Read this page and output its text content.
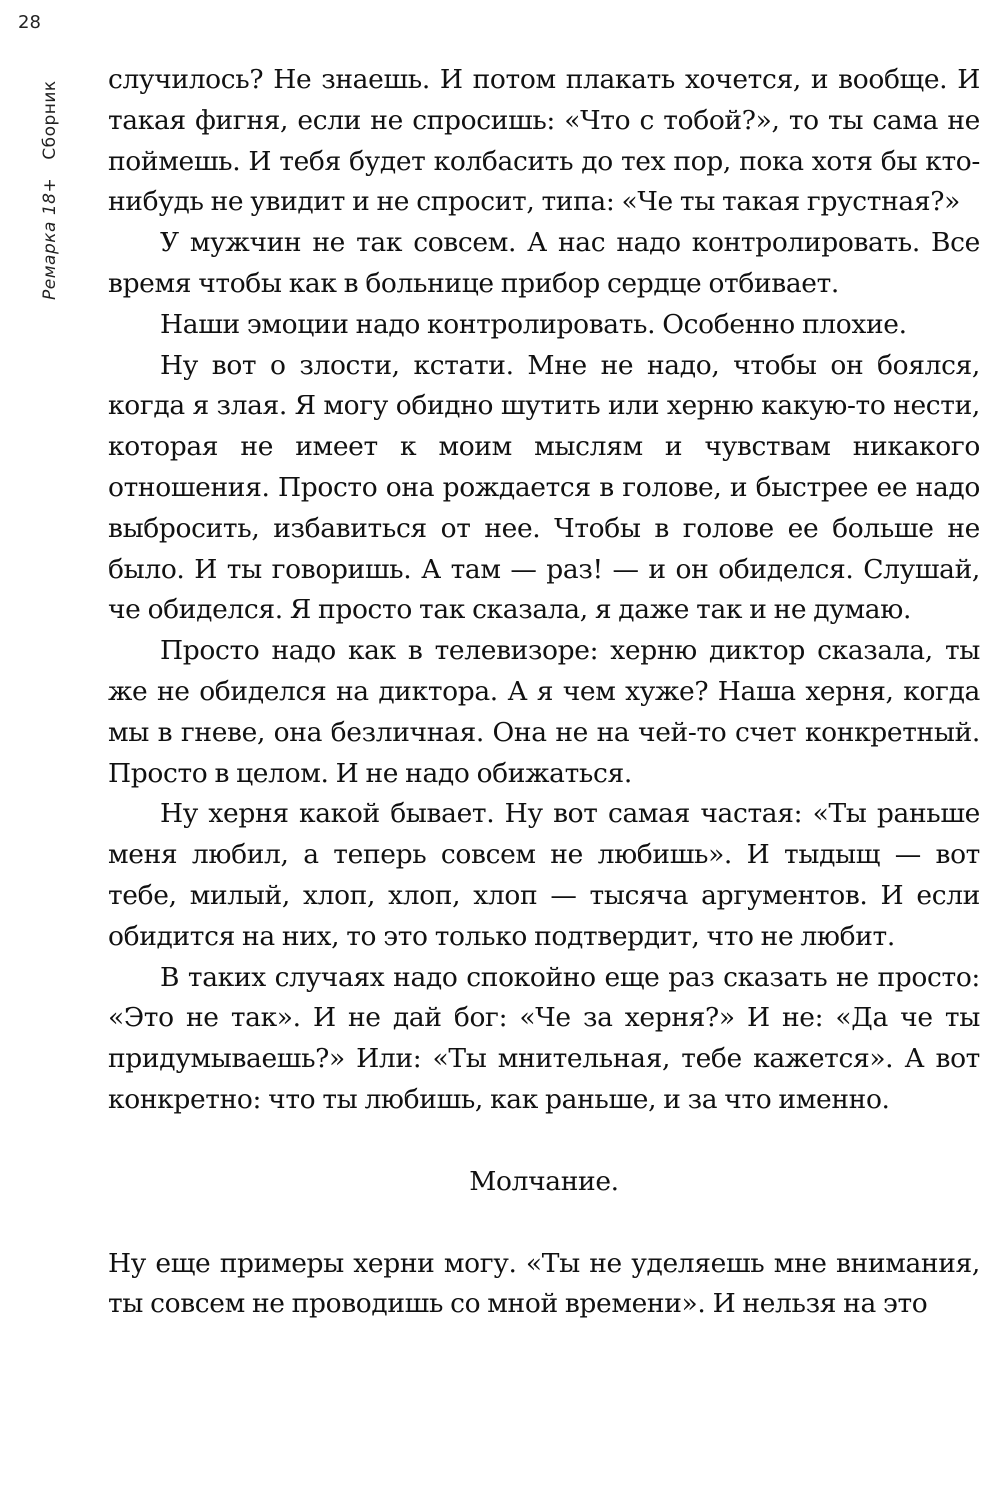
28
Ремарка 18+Сборник

случилось? Не знаешь. И потом плакать хочется, и вообще. И такая фигня, если не спросишь: «Что с тобой?», то ты сама не поймешь. И тебя будет колбасить до тех пор, пока хотя бы кто-нибудь не увидит и не спросит, типа: «Че ты такая грустная?»

У мужчин не так совсем. А нас надо контролировать. Все время чтобы как в больнице прибор сердце отбивает.

Наши эмоции надо контролировать. Особенно плохие.

Ну вот о злости, кстати. Мне не надо, чтобы он боялся, когда я злая. Я могу обидно шутить или херню какую-то нести, которая не имеет к моим мыслям и чувствам никакого отношения. Просто она рождается в голове, и быстрее ее надо выбросить, избавиться от нее. Чтобы в голове ее больше не было. И ты говоришь. А там — раз! — и он обиделся. Слушай, че обиделся. Я просто так сказала, я даже так и не думаю.

Просто надо как в телевизоре: херню диктор сказала, ты же не обиделся на диктора. А я чем хуже? Наша херня, когда мы в гневе, она безличная. Она не на чей-то счет конкретный. Просто в целом. И не надо обижаться.

Ну херня какой бывает. Ну вот самая частая: «Ты раньше меня любил, а теперь совсем не любишь». И тыдыщ — вот тебе, милый, хлоп, хлоп, хлоп — тысяча аргументов. И если обидится на них, то это только подтвердит, что не любит.

В таких случаях надо спокойно еще раз сказать не просто: «Это не так». И не дай бог: «Че за херня?» И не: «Да че ты придумываешь?» Или: «Ты мнительная, тебе кажется». А вот конкретно: что ты любишь, как раньше, и за что именно.

Молчание.

Ну еще примеры херни могу. «Ты не уделяешь мне внимания, ты совсем не проводишь со мной времени». И нельзя на это
